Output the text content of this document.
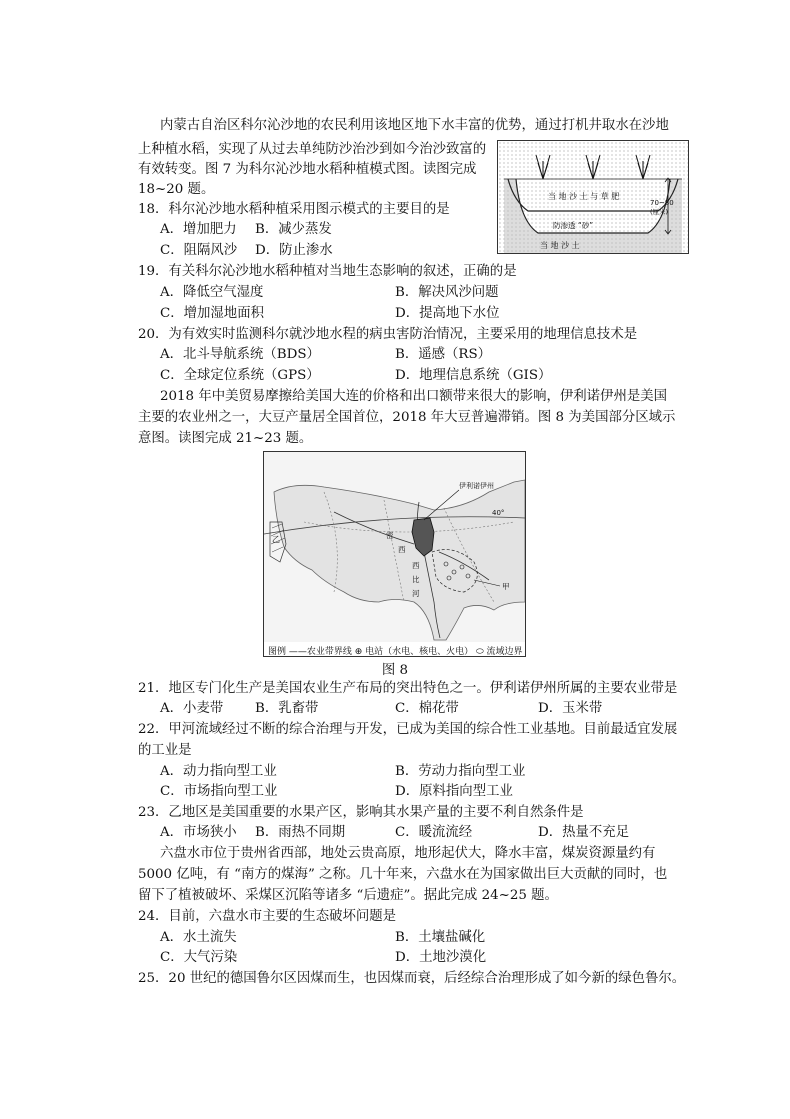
内蒙古自治区科尔沁沙地的农民利用该地区地下水丰富的优势，通过打机井取水在沙地
上种植水稻，实现了从过去单纯防沙治沙到如今治沙致富的
有效转变。图 7 为科尔沁沙地水稻种植模式图。读图完成
18~20 题。	当 地 沙 土 与 草 肥
防渗透 “砂”
当 地 沙 土
70~80
(厘米)
18．科尔沁沙地水稻种植采用图示模式的主要目的是
A．增加肥力 B．减少蒸发
C．阻隔风沙 D．防止渗水
19．有关科尔沁沙地水稻种植对当地生态影响的叙述，正确的是
A．降低空气湿度	B．解决风沙问题
C．增加湿地面积	D．提高地下水位
20．为有效实时监测科尔就沙地水程的病虫害防治情况，主要采用的地理信息技术是
A．北斗导航系统（BDS）	B．遥感（RS）
C．全球定位系统（GPS）	D．地理信息系统（GIS）
2018 年中美贸易摩擦给美国大连的价格和出口额带来很大的影响，伊利诺伊州是美国
主要的农业州之一，大豆产量居全国首位，2018 年大豆普遍滞销。图 8 为美国部分区域示
意图。读图完成 21~23 题。
40°
伊利诺伊州
乙	密
西
西
比
河
甲
图例 ——农业带界线 ⊕ 电站（水电、核电、火电） ⬭ 流域边界
图 8
21．地区专门化生产是美国农业生产布局的突出特色之一。伊利诺伊州所属的主要农业带是
A．小麦带 B．乳畜带	C．棉花带	D．玉米带
22．甲河流域经过不断的综合治理与开发，已成为美国的综合性工业基地。目前最适宜发展
的工业是
A．动力指向型工业	B．劳动力指向型工业
C．市场指向型工业	D．原料指向型工业
23．乙地区是美国重要的水果产区，影响其水果产量的主要不利自然条件是
A．市场狭小 B．雨热不同期	C．暖流流经	D．热量不充足
六盘水市位于贵州省西部，地处云贵高原，地形起伏大，降水丰富，煤炭资源量约有
5000 亿吨，有 “南方的煤海” 之称。几十年来，六盘水在为国家做出巨大贡献的同时，也
留下了植被破坏、采煤区沉陷等诸多 “后遗症”。据此完成 24~25 题。
24．目前，六盘水市主要的生态破坏问题是
A．水土流失	B．土壤盐碱化
C．大气污染	D．土地沙漠化
25．20 世纪的德国鲁尔区因煤而生，也因煤而衰，后经综合治理形成了如今新的绿色鲁尔。
